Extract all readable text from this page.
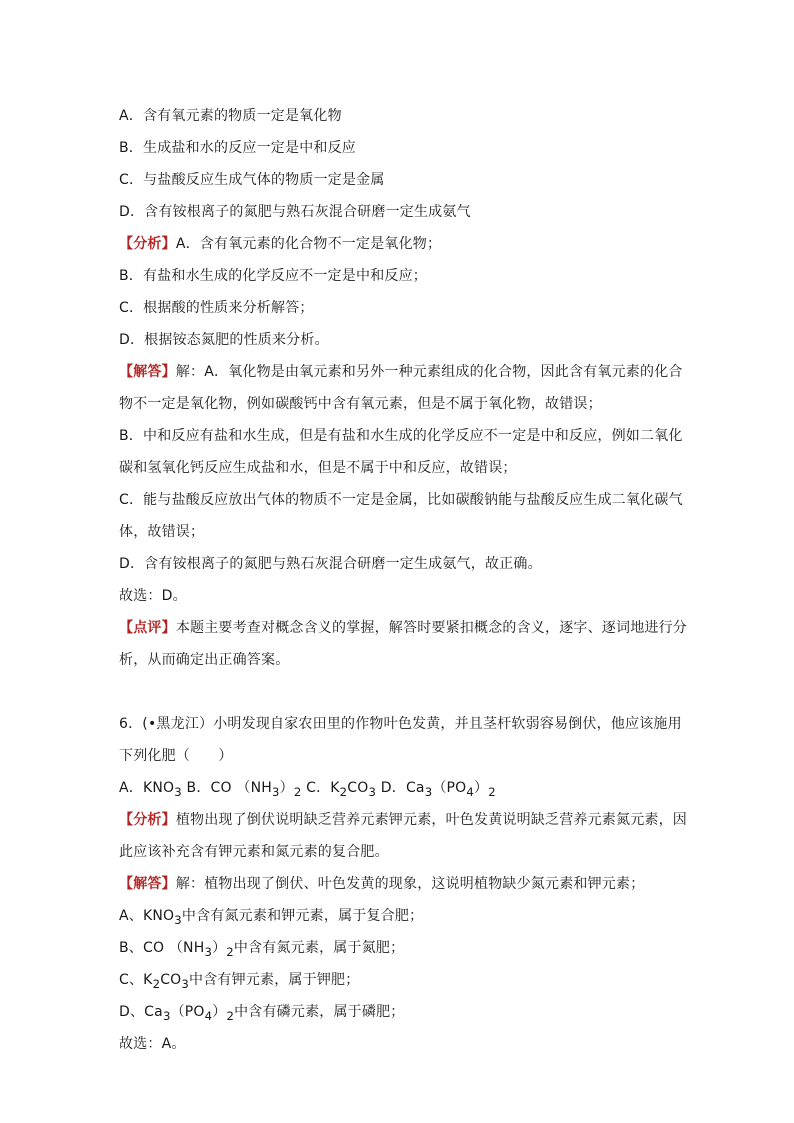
A．含有氧元素的物质一定是氧化物
B．生成盐和水的反应一定是中和反应
C．与盐酸反应生成气体的物质一定是金属
D．含有铵根离子的氮肥与熟石灰混合研磨一定生成氨气
【分析】A．含有氧元素的化合物不一定是氧化物；
B．有盐和水生成的化学反应不一定是中和反应；
C．根据酸的性质来分析解答；
D．根据铵态氮肥的性质来分析。
【解答】解：A．氧化物是由氧元素和另外一种元素组成的化合物，因此含有氧元素的化合
物不一定是氧化物，例如碳酸钙中含有氧元素，但是不属于氧化物，故错误；
B．中和反应有盐和水生成，但是有盐和水生成的化学反应不一定是中和反应，例如二氧化
碳和氢氧化钙反应生成盐和水，但是不属于中和反应，故错误；
C．能与盐酸反应放出气体的物质不一定是金属，比如碳酸钠能与盐酸反应生成二氧化碳气
体，故错误；
D．含有铵根离子的氮肥与熟石灰混合研磨一定生成氨气，故正确。
故选：D。
【点评】本题主要考查对概念含义的掌握，解答时要紧扣概念的含义，逐字、逐词地进行分
析，从而确定出正确答案。
6．(•黑龙江）小明发现自家农田里的作物叶色发黄，并且茎杆软弱容易倒伏，他应该施用
下列化肥（　　）
A．$KNO_3$ B．CO $(NH_3)_2$ C．$K_2CO_3$ D．$Ca_3(PO_4)_2$
【分析】植物出现了倒伏说明缺乏营养元素钾元素，叶色发黄说明缺乏营养元素氮元素，因
此应该补充含有钾元素和氮元素的复合肥。
【解答】解：植物出现了倒伏、叶色发黄的现象，这说明植物缺少氮元素和钾元素；
A、$KNO_3$中含有氮元素和钾元素，属于复合肥；
B、CO $(NH_3)_2$中含有氮元素，属于氮肥；
C、$K_2CO_3$中含有钾元素，属于钾肥；
D、$Ca_3(PO_4)_2$中含有磷元素，属于磷肥；
故选：A。
